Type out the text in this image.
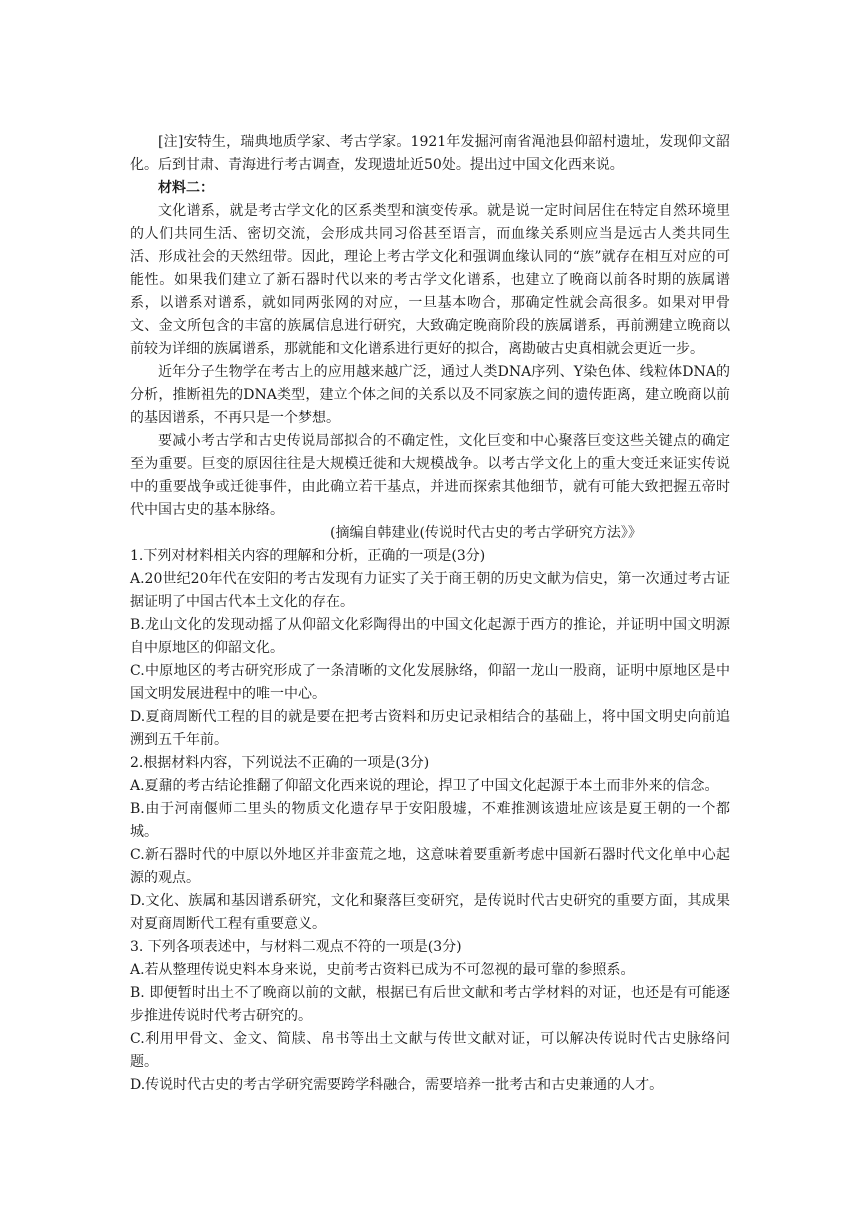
[注]安特生，瑞典地质学家、考古学家。1921年发掘河南省渑池县仰韶村遗址，发现仰文韶化。后到甘肃、青海进行考古调查，发现遗址近50处。提出过中国文化西来说。

材料二：

文化谱系，就是考古学文化的区系类型和演变传承。就是说一定时间居住在特定自然环境里的人们共同生活、密切交流，会形成共同习俗甚至语言，而血缘关系则应当是远古人类共同生活、形成社会的天然纽带。因此，理论上考古学文化和强调血缘认同的“族”就存在相互对应的可能性。如果我们建立了新石器时代以来的考古学文化谱系，也建立了晚商以前各时期的族属谱系，以谱系对谱系，就如同两张网的对应，一旦基本吻合，那确定性就会高很多。如果对甲骨文、金文所包含的丰富的族属信息进行研究，大致确定晚商阶段的族属谱系，再前溯建立晚商以前较为详细的族属谱系，那就能和文化谱系进行更好的拟合，离勘破古史真相就会更近一步。

近年分子生物学在考古上的应用越来越广泛，通过人类DNA序列、Y染色体、线粒体DNA的分析，推断祖先的DNA类型，建立个体之间的关系以及不同家族之间的遗传距离，建立晚商以前的基因谱系，不再只是一个梦想。

要减小考古学和古史传说局部拟合的不确定性，文化巨变和中心聚落巨变这些关键点的确定至为重要。巨变的原因往往是大规模迁徙和大规模战争。以考古学文化上的重大变迁来证实传说中的重要战争或迁徙事件，由此确立若干基点，并进而探索其他细节，就有可能大致把握五帝时代中国古史的基本脉络。

(摘编自韩建业(传说时代古史的考古学研究方法》》

1.下列对材料相关内容的理解和分析，正确的一项是(3分)

A.20世纪20年代在安阳的考古发现有力证实了关于商王朝的历史文献为信史，第一次通过考古证据证明了中国古代本土文化的存在。

B.龙山文化的发现动摇了从仰韶文化彩陶得出的中国文化起源于西方的推论，并证明中国文明源自中原地区的仰韶文化。

C.中原地区的考古研究形成了一条清晰的文化发展脉络，仰韶一龙山一股商，证明中原地区是中国文明发展进程中的唯一中心。

D.夏商周断代工程的目的就是要在把考古资料和历史记录相结合的基础上，将中国文明史向前追溯到五千年前。

2.根据材料内容，下列说法不正确的一项是(3分)

A.夏鼐的考古结论推翻了仰韶文化西来说的理论，捍卫了中国文化起源于本土而非外来的信念。

B.由于河南偃师二里头的物质文化遗存早于安阳殷墟，不难推测该遗址应该是夏王朝的一个都城。

C.新石器时代的中原以外地区并非蛮荒之地，这意味着要重新考虑中国新石器时代文化单中心起源的观点。

D.文化、族属和基因谱系研究，文化和聚落巨变研究，是传说时代古史研究的重要方面，其成果对夏商周断代工程有重要意义。

3. 下列各项表述中，与材料二观点不符的一项是(3分)

A.若从整理传说史料本身来说，史前考古资料已成为不可忽视的最可靠的参照系。

B. 即便暂时出土不了晚商以前的文献，根据已有后世文献和考古学材料的对证，也还是有可能逐步推进传说时代考古研究的。

C.利用甲骨文、金文、简牍、帛书等出土文献与传世文献对证，可以解决传说时代古史脉络问题。

D.传说时代古史的考古学研究需要跨学科融合，需要培养一批考古和古史兼通的人才。
